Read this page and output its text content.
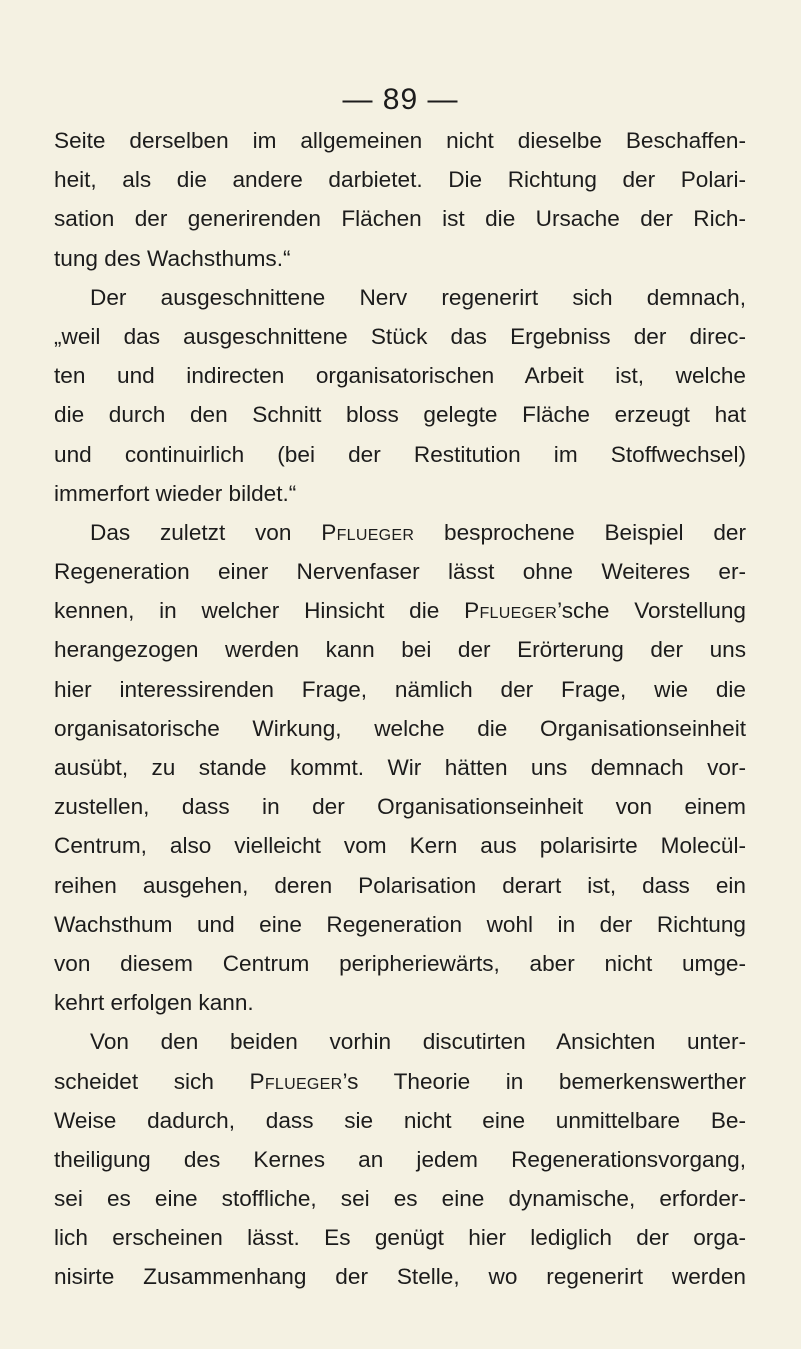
— 89 —
Seite derselben im allgemeinen nicht dieselbe Beschaffen-
heit, als die andere darbietet. Die Richtung der Polari-
sation der generirenden Flächen ist die Ursache der Rich-
tung des Wachsthums.“
Der ausgeschnittene Nerv regenerirt sich demnach,
„weil das ausgeschnittene Stück das Ergebniss der direc-
ten und indirecten organisatorischen Arbeit ist, welche
die durch den Schnitt bloss gelegte Fläche erzeugt hat
und continuirlich (bei der Restitution im Stoffwechsel)
immerfort wieder bildet.“
Das zuletzt von Pflueger besprochene Beispiel der
Regeneration einer Nervenfaser lässt ohne Weiteres er-
kennen, in welcher Hinsicht die Pflueger’sche Vorstellung
herangezogen werden kann bei der Erörterung der uns
hier interessirenden Frage, nämlich der Frage, wie die
organisatorische Wirkung, welche die Organisationseinheit
ausübt, zu stande kommt. Wir hätten uns demnach vor-
zustellen, dass in der Organisationseinheit von einem
Centrum, also vielleicht vom Kern aus polarisirte Molecül-
reihen ausgehen, deren Polarisation derart ist, dass ein
Wachsthum und eine Regeneration wohl in der Richtung
von diesem Centrum peripheriewärts, aber nicht umge-
kehrt erfolgen kann.
Von den beiden vorhin discutirten Ansichten unter-
scheidet sich Pflueger’s Theorie in bemerkenswerther
Weise dadurch, dass sie nicht eine unmittelbare Be-
theiligung des Kernes an jedem Regenerationsvorgang,
sei es eine stoffliche, sei es eine dynamische, erforder-
lich erscheinen lässt. Es genügt hier lediglich der orga-
nisirte Zusammenhang der Stelle, wo regenerirt werden
